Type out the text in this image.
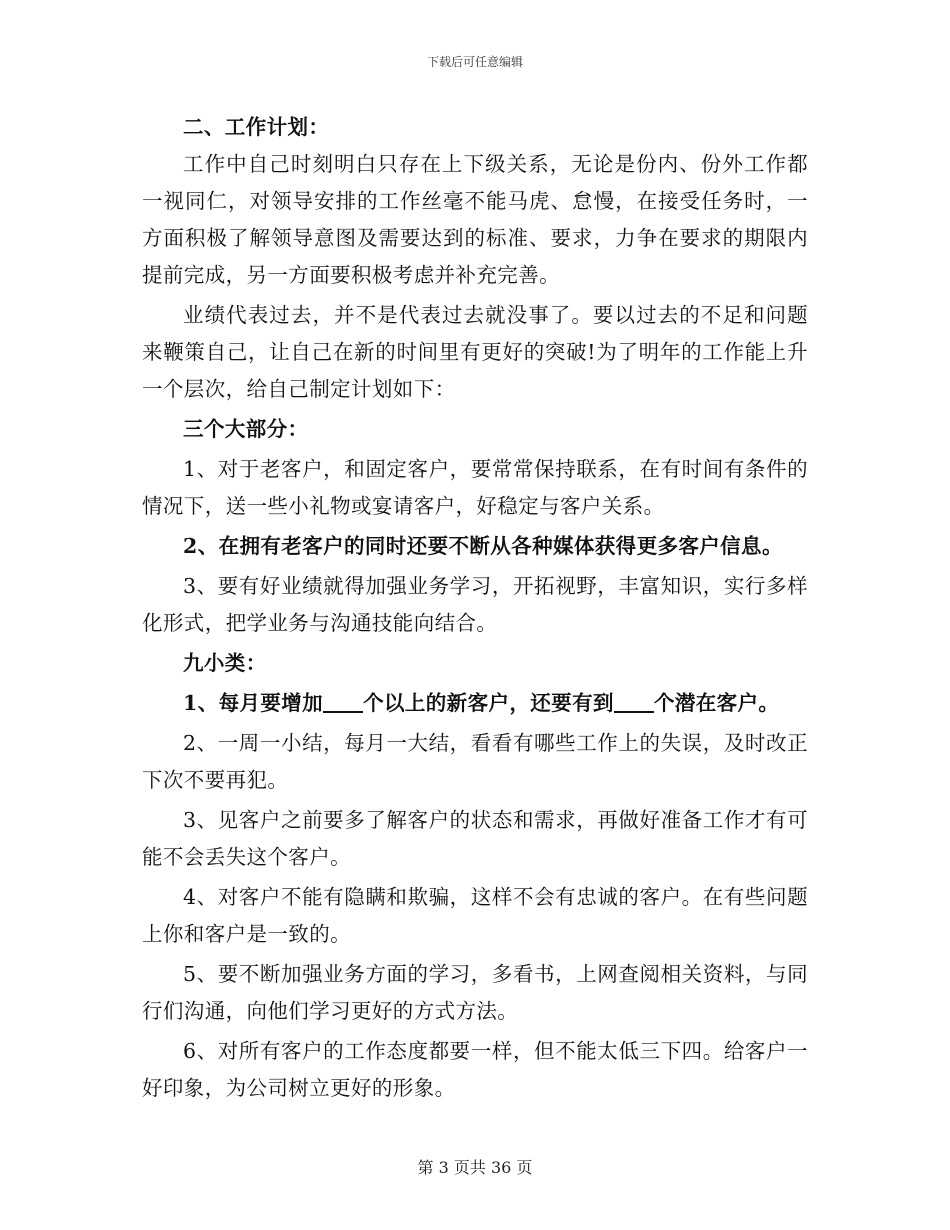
下载后可任意编辑

二、工作计划：

工作中自己时刻明白只存在上下级关系，无论是份内、份外工作都一视同仁，对领导安排的工作丝毫不能马虎、怠慢，在接受任务时，一方面积极了解领导意图及需要达到的标准、要求，力争在要求的期限内提前完成，另一方面要积极考虑并补充完善。

业绩代表过去，并不是代表过去就没事了。要以过去的不足和问题来鞭策自己，让自己在新的时间里有更好的突破!为了明年的工作能上升一个层次，给自己制定计划如下：

三个大部分：

1、对于老客户，和固定客户，要常常保持联系，在有时间有条件的情况下，送一些小礼物或宴请客户，好稳定与客户关系。

2、在拥有老客户的同时还要不断从各种媒体获得更多客户信息。

3、要有好业绩就得加强业务学习，开拓视野，丰富知识，实行多样化形式，把学业务与沟通技能向结合。

九小类：

1、每月要增加 个以上的新客户，还要有到 个潜在客户。

2、一周一小结，每月一大结，看看有哪些工作上的失误，及时改正下次不要再犯。

3、见客户之前要多了解客户的状态和需求，再做好准备工作才有可能不会丢失这个客户。

4、对客户不能有隐瞒和欺骗，这样不会有忠诚的客户。在有些问题上你和客户是一致的。

5、要不断加强业务方面的学习，多看书，上网查阅相关资料，与同行们沟通，向他们学习更好的方式方法。

6、对所有客户的工作态度都要一样，但不能太低三下四。给客户一好印象，为公司树立更好的形象。

第 3 页共 36 页
